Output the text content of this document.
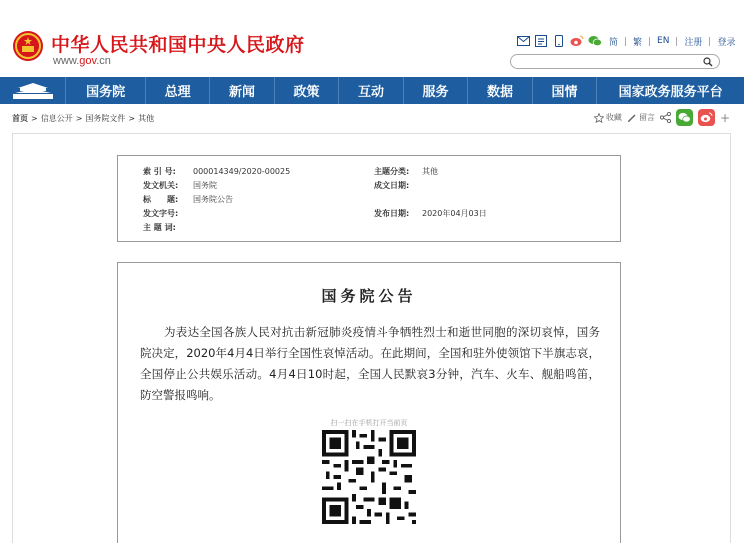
中华人民共和国中央人民政府
www.gov.cn
简	繁	EN	注册	登录
国务院	总理	新闻	政策	互动	服务	数据	国情	国家政务服务平台
首页 > 信息公开 > 国务院文件 > 其他	收藏 留言	+
索 引 号: 000014349/2020-00025	主题分类: 其他
发文机关: 国务院	成文日期:
标　　题: 国务院公告
发文字号:	发布日期: 2020年04月03日
主 题 词:
国务院公告
为表达全国各族人民对抗击新冠肺炎疫情斗争牺牲烈士和逝世同胞的深切哀悼，国务院决定，2020年4月4日举行全国性哀悼活动。在此期间，全国和驻外使领馆下半旗志哀，全国停止公共娱乐活动。4月4日10时起，全国人民默哀3分钟，汽车、火车、舰船鸣笛，防空警报鸣响。
扫一扫在手机打开当前页
